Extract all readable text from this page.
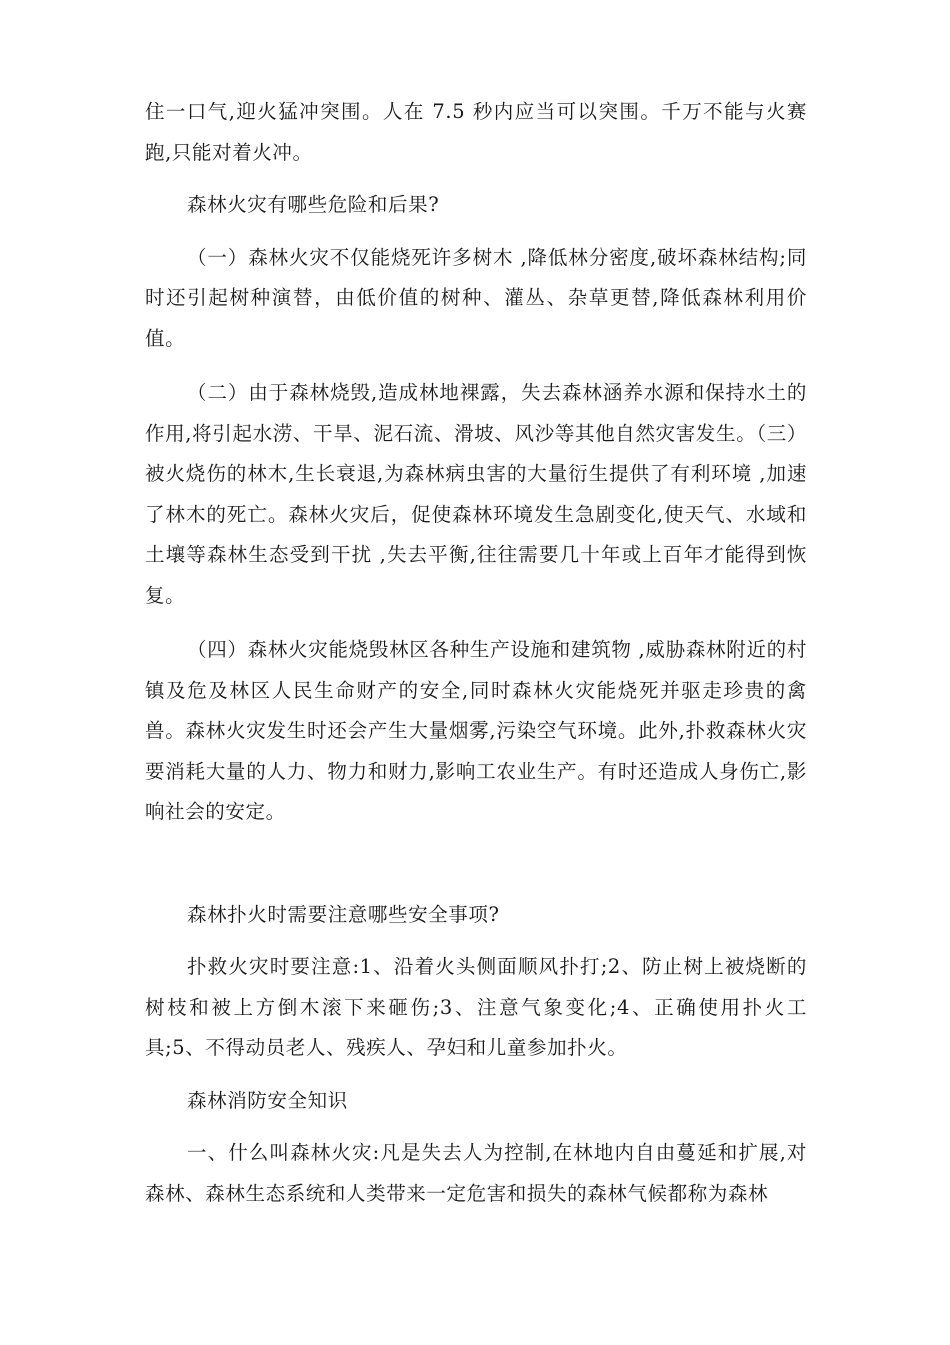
住一口气,迎火猛冲突围。人在 7.5 秒内应当可以突围。千万不能与火赛跑,只能对着火冲。

森林火灾有哪些危险和后果?

（一）森林火灾不仅能烧死许多树木 ,降低林分密度,破坏森林结构;同时还引起树种演替，由低价值的树种、灌丛、杂草更替,降低森林利用价值。

（二）由于森林烧毁,造成林地裸露，失去森林涵养水源和保持水土的作用,将引起水涝、干旱、泥石流、滑坡、风沙等其他自然灾害发生。（三）被火烧伤的林木,生长衰退,为森林病虫害的大量衍生提供了有利环境 ,加速了林木的死亡。森林火灾后，促使森林环境发生急剧变化,使天气、水域和土壤等森林生态受到干扰 ,失去平衡,往往需要几十年或上百年才能得到恢复。

（四）森林火灾能烧毁林区各种生产设施和建筑物 ,威胁森林附近的村镇及危及林区人民生命财产的安全,同时森林火灾能烧死并驱走珍贵的禽兽。森林火灾发生时还会产生大量烟雾,污染空气环境。此外,扑救森林火灾要消耗大量的人力、物力和财力,影响工农业生产。有时还造成人身伤亡,影响社会的安定。

森林扑火时需要注意哪些安全事项?

扑救火灾时要注意:1、沿着火头侧面顺风扑打;2、防止树上被烧断的树枝和被上方倒木滚下来砸伤;3、注意气象变化;4、正确使用扑火工具;5、不得动员老人、残疾人、孕妇和儿童参加扑火。

森林消防安全知识

一、什么叫森林火灾:凡是失去人为控制,在林地内自由蔓延和扩展,对森林、森林生态系统和人类带来一定危害和损失的森林气候都称为森林
